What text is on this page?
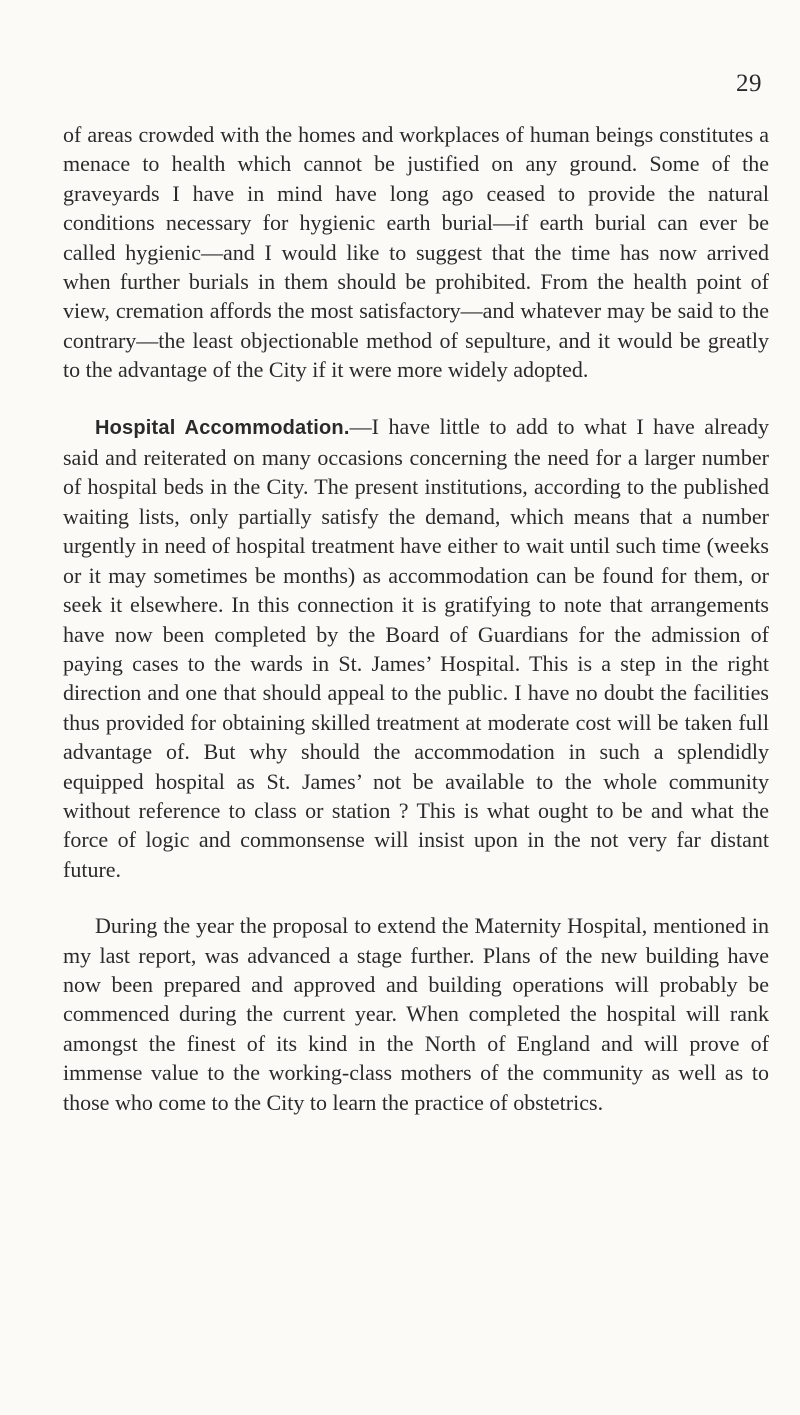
29

of areas crowded with the homes and workplaces of human beings constitutes a menace to health which cannot be justified on any ground. Some of the graveyards I have in mind have long ago ceased to provide the natural conditions necessary for hygienic earth burial—if earth burial can ever be called hygienic—and I would like to suggest that the time has now arrived when further burials in them should be prohibited. From the health point of view, cremation affords the most satisfactory—and whatever may be said to the contrary—the least objectionable method of sepulture, and it would be greatly to the advantage of the City if it were more widely adopted.

Hospital Accommodation.—I have little to add to what I have already said and reiterated on many occasions concerning the need for a larger number of hospital beds in the City. The present institutions, according to the published waiting lists, only partially satisfy the demand, which means that a number urgently in need of hospital treatment have either to wait until such time (weeks or it may sometimes be months) as accommodation can be found for them, or seek it elsewhere. In this connection it is gratifying to note that arrangements have now been completed by the Board of Guardians for the admission of paying cases to the wards in St. James’ Hospital. This is a step in the right direction and one that should appeal to the public. I have no doubt the facilities thus provided for obtaining skilled treatment at moderate cost will be taken full advantage of. But why should the accommodation in such a splendidly equipped hospital as St. James’ not be available to the whole community without reference to class or station ? This is what ought to be and what the force of logic and commonsense will insist upon in the not very far distant future.

During the year the proposal to extend the Maternity Hospital, mentioned in my last report, was advanced a stage further. Plans of the new building have now been prepared and approved and building operations will probably be commenced during the current year. When completed the hospital will rank amongst the finest of its kind in the North of England and will prove of immense value to the working-class mothers of the community as well as to those who come to the City to learn the practice of obstetrics.
